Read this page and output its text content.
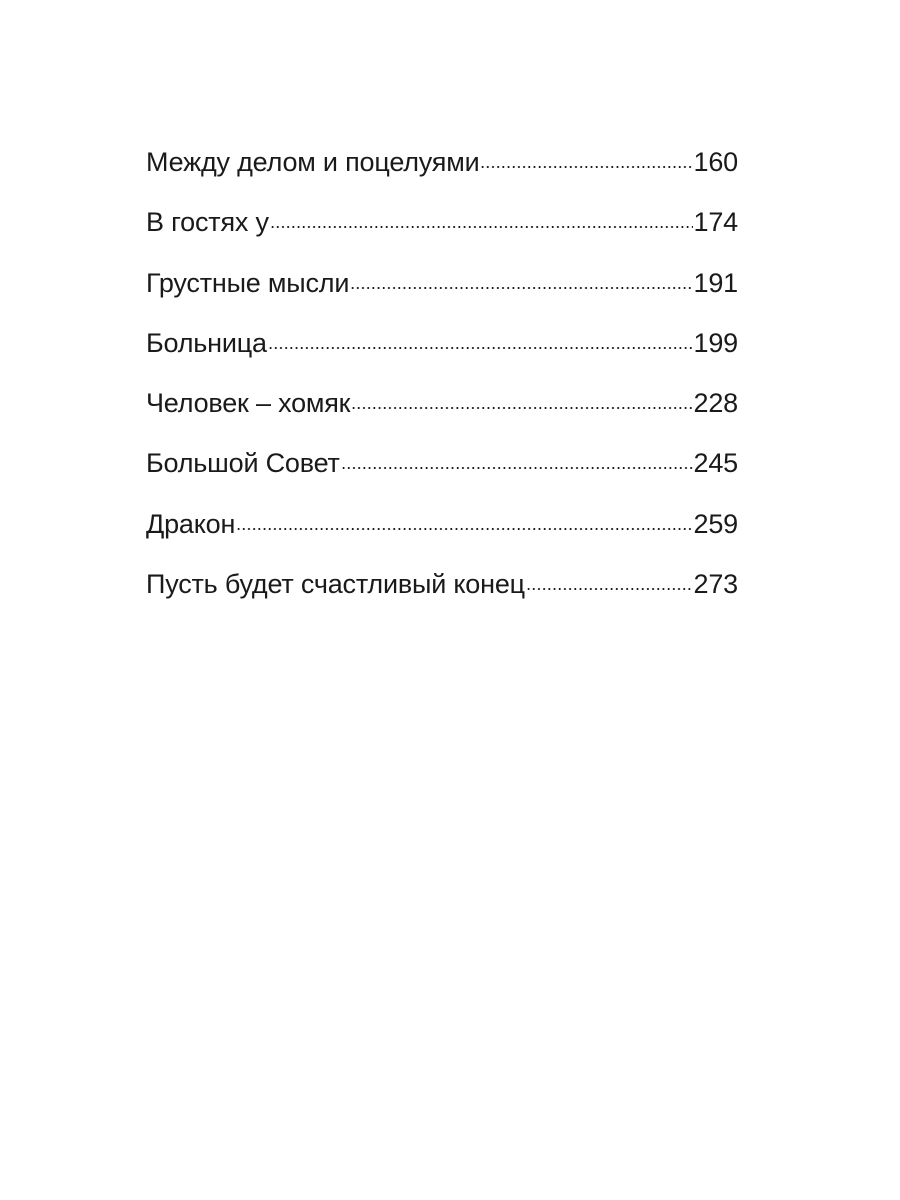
Между делом и поцелуями	160
В гостях у	174
Грустные мысли	191
Больница	199
Человек – хомяк	228
Большой Совет	245
Дракон	259
Пусть будет счастливый конец	273
